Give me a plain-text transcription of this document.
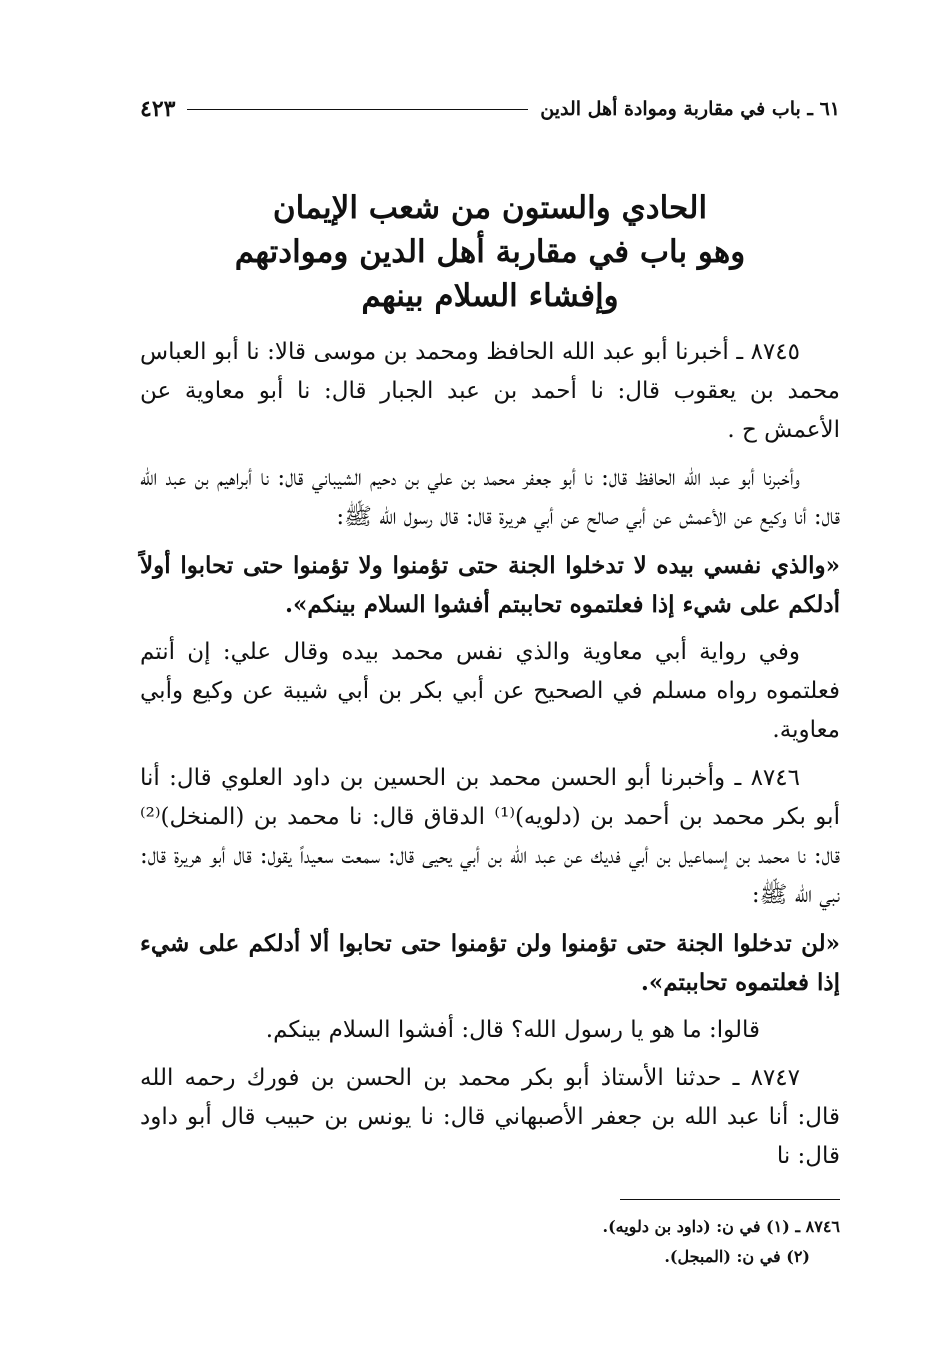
٤٢٣	٦١ ـ باب في مقاربة وموادة أهل الدين
الحادي والستون من شعب الإيمان
وهو باب في مقاربة أهل الدين وموادتهم
وإفشاء السلام بينهم

٨٧٤٥ ـ أخبرنا أبو عبد الله الحافظ ومحمد بن موسى قالا: نا أبو العباس محمد بن يعقوب قال: نا أحمد بن عبد الجبار قال: نا أبو معاوية عن الأعمش ح .

وأخبرنا أبو عبد الله الحافظ قال: نا أبو جعفر محمد بن علي بن دحيم الشيباني قال: نا أبراهيم بن عبد الله قال: أنا وكيع عن الأعمش عن أبي صالح عن أبي هريرة قال: قال رسول الله ﷺ:

«والذي نفسي بيده لا تدخلوا الجنة حتى تؤمنوا ولا تؤمنوا حتى تحابوا أولاً أدلكم على شيء إذا فعلتموه تحاببتم أفشوا السلام بينكم».

وفي رواية أبي معاوية والذي نفس محمد بيده وقال علي: إن أنتم فعلتموه رواه مسلم في الصحيح عن أبي بكر بن أبي شيبة عن وكيع وأبي معاوية.

٨٧٤٦ ـ وأخبرنا أبو الحسن محمد بن الحسين بن داود العلوي قال: أنا أبو بكر محمد بن أحمد بن (دلويه)⁽¹⁾ الدقاق قال: نا محمد بن (المنخل)⁽²⁾ قال: نا محمد بن إسماعيل بن أبي فديك عن عبد الله بن أبي يحيى قال: سمعت سعيداً يقول: قال أبو هريرة قال: نبي الله ﷺ:

«لن تدخلوا الجنة حتى تؤمنوا ولن تؤمنوا حتى تحابوا ألا أدلكم على شيء إذا فعلتموه تحاببتم».

قالوا: ما هو يا رسول الله؟ قال: أفشوا السلام بينكم.

٨٧٤٧ ـ حدثنا الأستاذ أبو بكر محمد بن الحسن بن فورك رحمه الله قال: أنا عبد الله بن جعفر الأصبهاني قال: نا يونس بن حبيب قال أبو داود قال: نا

٨٧٤٦ ـ (١) في ن: (داود بن دلويه).
(٢) في ن: (المبجل).
